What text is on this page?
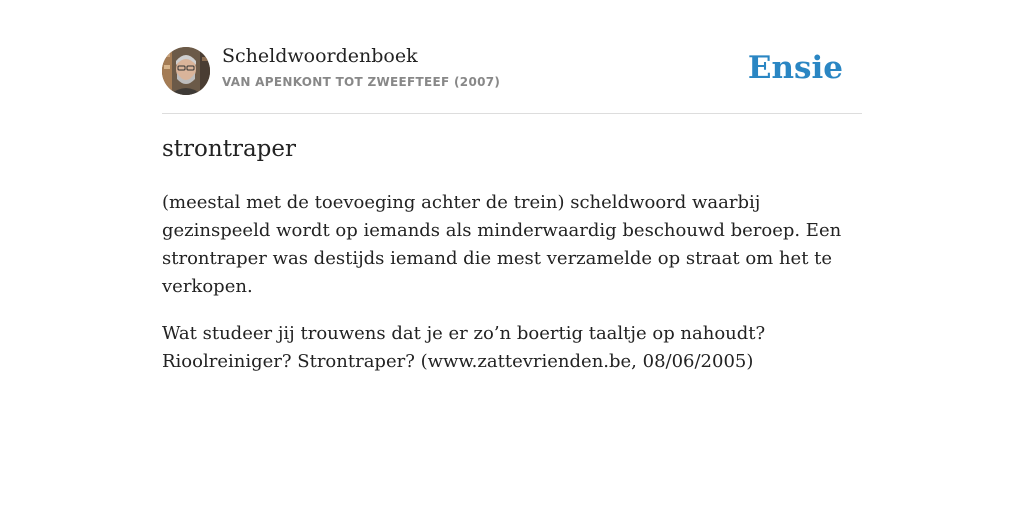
Scheldwoordenboek
VAN APENKONT TOT ZWEEFTEEF (2007)	Ensie
strontraper

(meestal met de toevoeging achter de trein) scheldwoord waarbij gezinspeeld wordt op iemands als minderwaardig beschouwd beroep. Een strontraper was destijds iemand die mest verzamelde op straat om het te verkopen.

Wat studeer jij trouwens dat je er zo’n boertig taaltje op nahoudt? Rioolreiniger? Strontraper? (www.zattevrienden.be, 08/06/2005)
